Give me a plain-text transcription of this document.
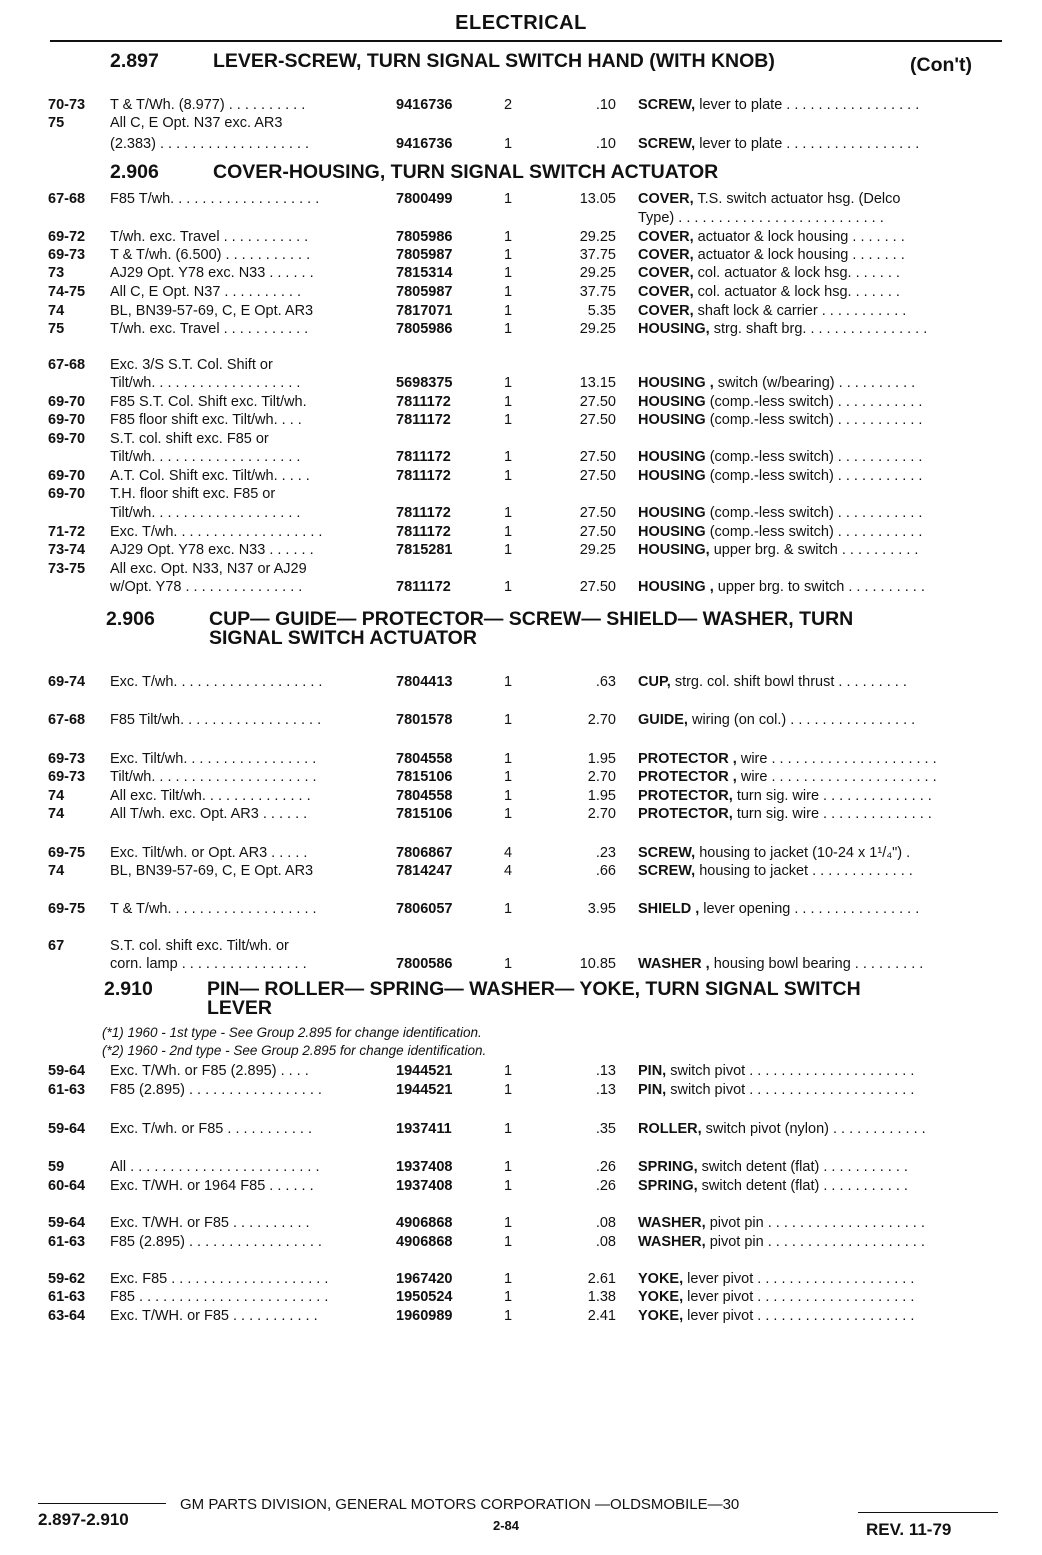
ELECTRICAL
2.897	LEVER-SCREW, TURN SIGNAL SWITCH HAND (WITH KNOB)	(Con't)
2.906	COVER-HOUSING, TURN SIGNAL SWITCH ACTUATOR
2.906	CUP— GUIDE— PROTECTOR— SCREW— SHIELD— WASHER, TURN
SIGNAL SWITCH ACTUATOR
2.910	PIN— ROLLER— SPRING— WASHER— YOKE, TURN SIGNAL SWITCH
LEVER
(*1) 1960 - 1st type - See Group 2.895 for change identification.
(*2) 1960 - 2nd type - See Group 2.895 for change identification.
70-73 T & T/Wh. (8.977) . . . . . . . . . .	9416736	2	.10 SCREW, lever to plate . . . . . . . . . . . . . . . . .
75	All C, E Opt. N37 exc. AR3
(2.383) . . . . . . . . . . . . . . . . . . .	9416736	1	.10 SCREW, lever to plate . . . . . . . . . . . . . . . . .
67-68 F85 T/wh. . . . . . . . . . . . . . . . . . .	7800499	1	13.05 COVER, T.S. switch actuator hsg. (Delco
Type) . . . . . . . . . . . . . . . . . . . . . . . . . .
69-72 T/wh. exc. Travel . . . . . . . . . . .	7805986	1	29.25 COVER, actuator & lock housing . . . . . . .
69-73 T & T/wh. (6.500) . . . . . . . . . . .	7805987	1	37.75 COVER, actuator & lock housing . . . . . . .
73	AJ29 Opt. Y78 exc. N33 . . . . . .	7815314	1	29.25 COVER, col. actuator & lock hsg. . . . . . .
74-75 All C, E Opt. N37 . . . . . . . . . .	7805987	1	37.75 COVER, col. actuator & lock hsg. . . . . . .
74	BL, BN39-57-69, C, E Opt. AR3	7817071	1	5.35 COVER, shaft lock & carrier . . . . . . . . . . .
75	T/wh. exc. Travel . . . . . . . . . . .	7805986	1	29.25 HOUSING, strg. shaft brg. . . . . . . . . . . . . . . .
67-68 Exc. 3/S S.T. Col. Shift or
Tilt/wh. . . . . . . . . . . . . . . . . . .	5698375	1	13.15 HOUSING , switch (w/bearing) . . . . . . . . . .
69-70 F85 S.T. Col. Shift exc. Tilt/wh.	7811172	1	27.50 HOUSING (comp.-less switch) . . . . . . . . . . .
69-70 F85 floor shift exc. Tilt/wh. . . .	7811172	1	27.50 HOUSING (comp.-less switch) . . . . . . . . . . .
69-70 S.T. col. shift exc. F85 or
Tilt/wh. . . . . . . . . . . . . . . . . . .	7811172	1	27.50 HOUSING (comp.-less switch) . . . . . . . . . . .
69-70 A.T. Col. Shift exc. Tilt/wh. . . . .	7811172	1	27.50 HOUSING (comp.-less switch) . . . . . . . . . . .
69-70 T.H. floor shift exc. F85 or
Tilt/wh. . . . . . . . . . . . . . . . . . .	7811172	1	27.50 HOUSING (comp.-less switch) . . . . . . . . . . .
71-72 Exc. T/wh. . . . . . . . . . . . . . . . . . .	7811172	1	27.50 HOUSING (comp.-less switch) . . . . . . . . . . .
73-74 AJ29 Opt. Y78 exc. N33 . . . . . .	7815281	1	29.25 HOUSING, upper brg. & switch . . . . . . . . . .
73-75 All exc. Opt. N33, N37 or AJ29
w/Opt. Y78 . . . . . . . . . . . . . . .	7811172	1	27.50 HOUSING , upper brg. to switch . . . . . . . . . .
69-74 Exc. T/wh. . . . . . . . . . . . . . . . . . .	7804413	1	.63 CUP, strg. col. shift bowl thrust . . . . . . . . .
67-68 F85 Tilt/wh. . . . . . . . . . . . . . . . . .	7801578	1	2.70 GUIDE, wiring (on col.) . . . . . . . . . . . . . . . .
69-73 Exc. Tilt/wh. . . . . . . . . . . . . . . . .	7804558	1	1.95 PROTECTOR , wire . . . . . . . . . . . . . . . . . . . . .
69-73 Tilt/wh. . . . . . . . . . . . . . . . . . . . .	7815106	1	2.70 PROTECTOR , wire . . . . . . . . . . . . . . . . . . . . .
74	All exc. Tilt/wh. . . . . . . . . . . . . .	7804558	1	1.95 PROTECTOR, turn sig. wire . . . . . . . . . . . . . .
74	All T/wh. exc. Opt. AR3 . . . . . .	7815106	1	2.70 PROTECTOR, turn sig. wire . . . . . . . . . . . . . .
69-75 Exc. Tilt/wh. or Opt. AR3 . . . . .	7806867	4	.23 SCREW, housing to jacket (10-24 x 1¹/₄") .
74	BL, BN39-57-69, C, E Opt. AR3	7814247	4	.66 SCREW, housing to jacket . . . . . . . . . . . . .
69-75 T & T/wh. . . . . . . . . . . . . . . . . . .	7806057	1	3.95 SHIELD , lever opening . . . . . . . . . . . . . . . .
67	S.T. col. shift exc. Tilt/wh. or
corn. lamp . . . . . . . . . . . . . . . .	7800586	1	10.85 WASHER , housing bowl bearing . . . . . . . . .
59-64 Exc. T/Wh. or F85 (2.895) . . . .	1944521	1	.13 PIN, switch pivot . . . . . . . . . . . . . . . . . . . . .
61-63 F85 (2.895) . . . . . . . . . . . . . . . . .	1944521	1	.13 PIN, switch pivot . . . . . . . . . . . . . . . . . . . . .
59-64 Exc. T/wh. or F85 . . . . . . . . . . .	1937411	1	.35 ROLLER, switch pivot (nylon) . . . . . . . . . . . .
59	All . . . . . . . . . . . . . . . . . . . . . . . .	1937408	1	.26 SPRING, switch detent (flat) . . . . . . . . . . .
60-64 Exc. T/WH. or 1964 F85 . . . . . .	1937408	1	.26 SPRING, switch detent (flat) . . . . . . . . . . .
59-64 Exc. T/WH. or F85 . . . . . . . . . .	4906868	1	.08 WASHER, pivot pin . . . . . . . . . . . . . . . . . . . .
61-63 F85 (2.895) . . . . . . . . . . . . . . . . .	4906868	1	.08 WASHER, pivot pin . . . . . . . . . . . . . . . . . . . .
59-62 Exc. F85 . . . . . . . . . . . . . . . . . . . .	1967420	1	2.61 YOKE, lever pivot . . . . . . . . . . . . . . . . . . . .
61-63 F85 . . . . . . . . . . . . . . . . . . . . . . . .	1950524	1	1.38 YOKE, lever pivot . . . . . . . . . . . . . . . . . . . .
63-64 Exc. T/WH. or F85 . . . . . . . . . . .	1960989	1	2.41 YOKE, lever pivot . . . . . . . . . . . . . . . . . . . .
2.897-2.910
GM PARTS DIVISION, GENERAL MOTORS CORPORATION —OLDSMOBILE—30
2-84	REV. 11-79
